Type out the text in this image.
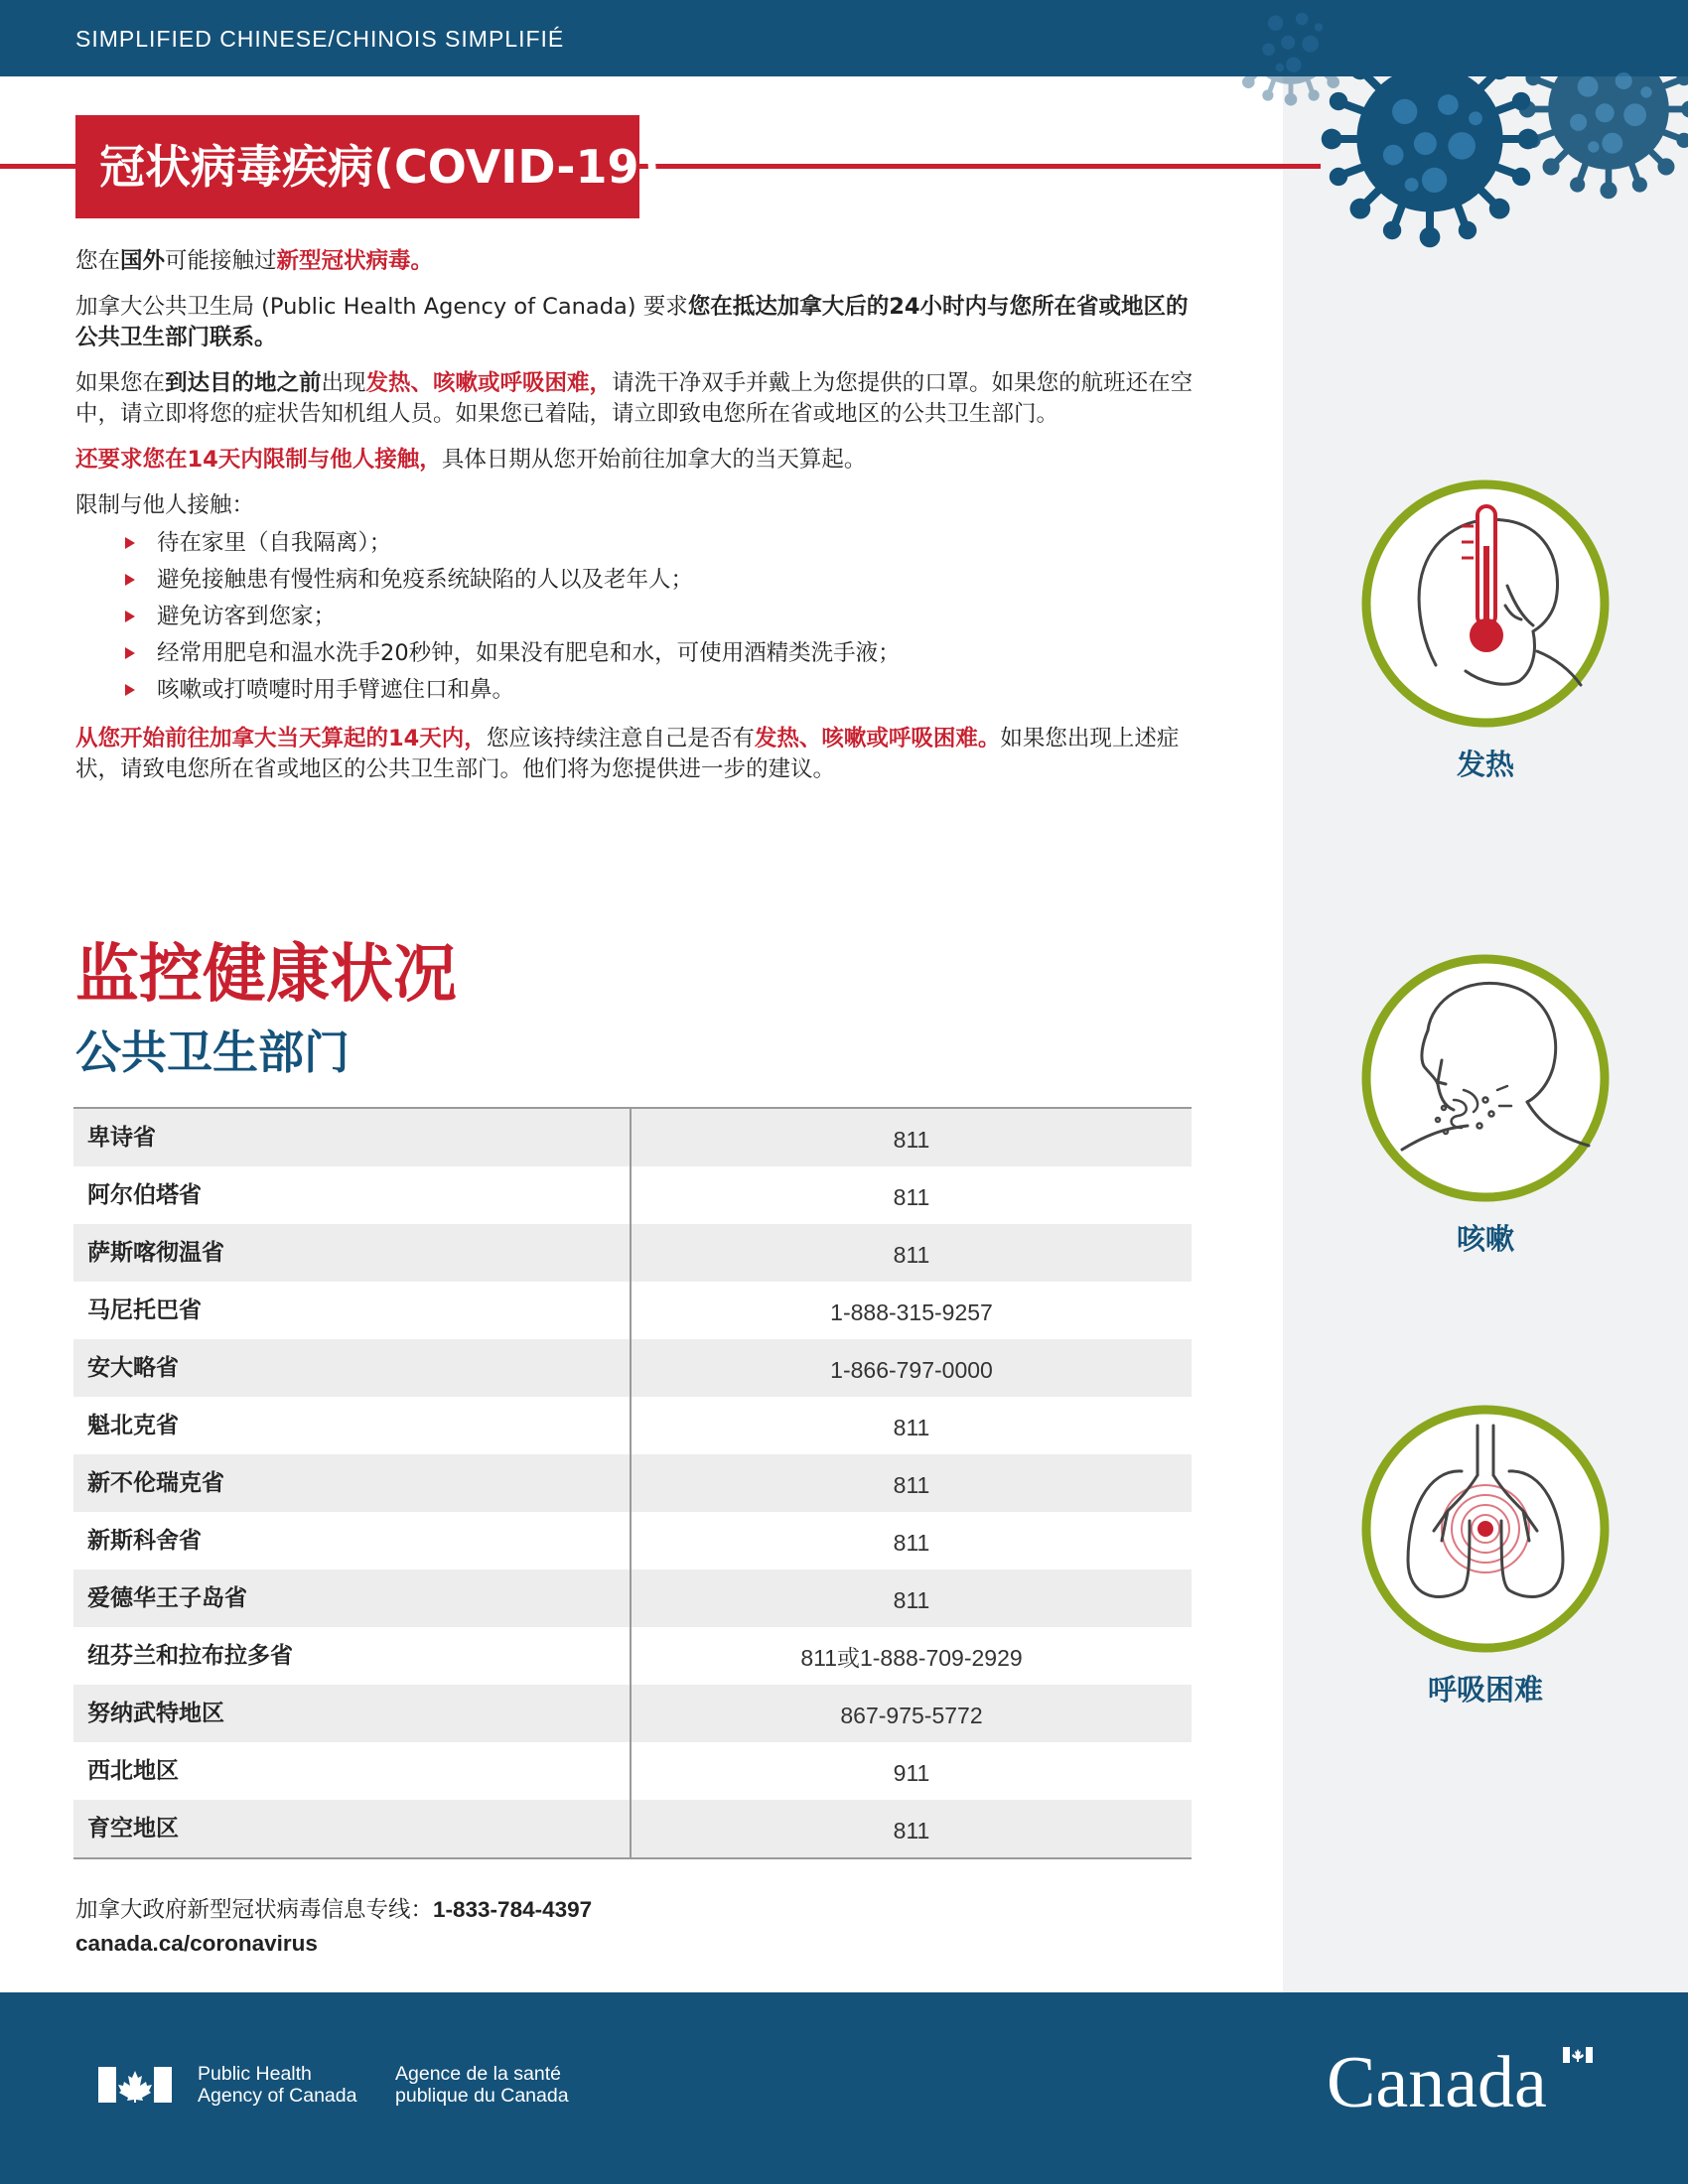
SIMPLIFIED CHINESE/CHINOIS SIMPLIFIÉ
冠状病毒疾病(COVID-19)

您在国外可能接触过新型冠状病毒。

加拿大公共卫生局 (Public Health Agency of Canada) 要求您在抵达加拿大后的24小时内与您所在省或地区的公共卫生部门联系。

如果您在到达目的地之前出现发热、咳嗽或呼吸困难，请洗干净双手并戴上为您提供的口罩。如果您的航班还在空中，请立即将您的症状告知机组人员。如果您已着陆，请立即致电您所在省或地区的公共卫生部门。

还要求您在14天内限制与他人接触，具体日期从您开始前往加拿大的当天算起。

限制与他人接触：

待在家里（自我隔离）；
避免接触患有慢性病和免疫系统缺陷的人以及老年人；
避免访客到您家；
经常用肥皂和温水洗手20秒钟，如果没有肥皂和水，可使用酒精类洗手液；
咳嗽或打喷嚏时用手臂遮住口和鼻。

从您开始前往加拿大当天算起的14天内，您应该持续注意自己是否有发热、咳嗽或呼吸困难。如果您出现上述症状，请致电您所在省或地区的公共卫生部门。他们将为您提供进一步的建议。

监控健康状况
公共卫生部门
卑诗省	811
阿尔伯塔省	811
萨斯喀彻温省	811
马尼托巴省	1-888-315-9257
安大略省	1-866-797-0000
魁北克省	811
新不伦瑞克省	811
新斯科舍省	811
爱德华王子岛省	811
纽芬兰和拉布拉多省	811或1-888-709-2929
努纳武特地区	867-975-5772
西北地区	911
育空地区	811
加拿大政府新型冠状病毒信息专线：1-833-784-4397
canada.ca/coronavirus
发热
咳嗽
呼吸困难
Public Health
Agency of Canada
Agence de la santé
publique du Canada	Canada
